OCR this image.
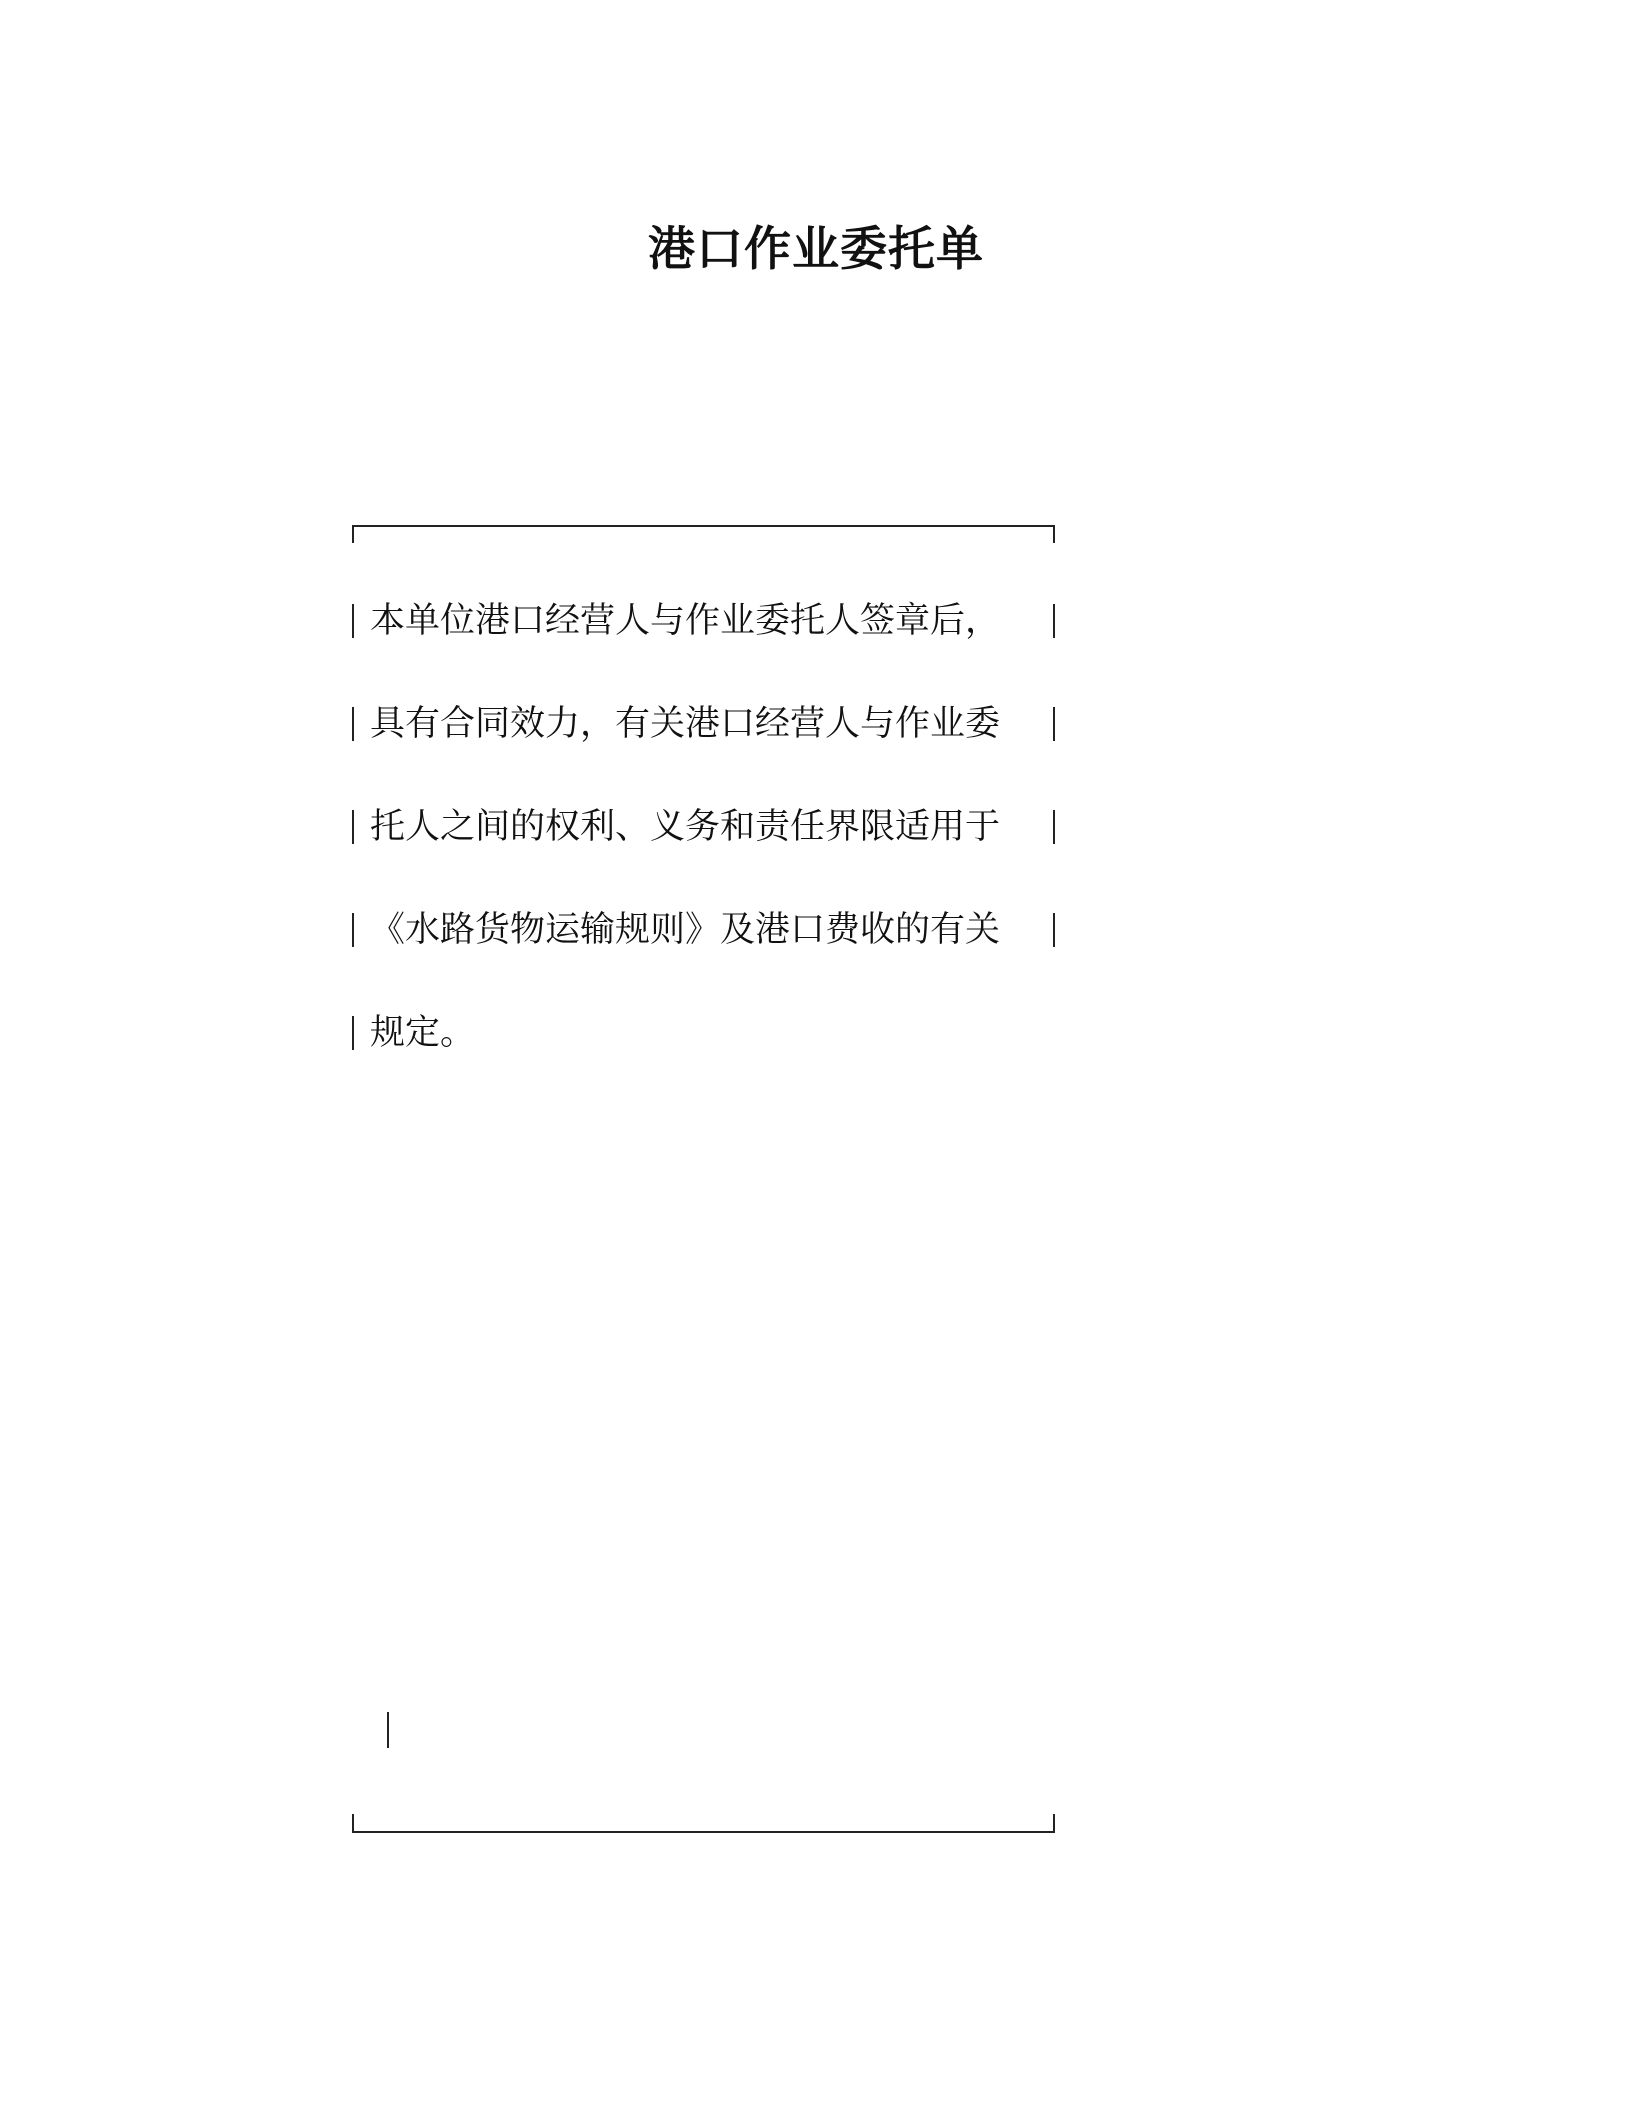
港口作业委托单

本单位港口经营人与作业委托人签章后，

具有合同效力，有关港口经营人与作业委

托人之间的权利、义务和责任界限适用于

《水路货物运输规则》及港口费收的有关

规定。
